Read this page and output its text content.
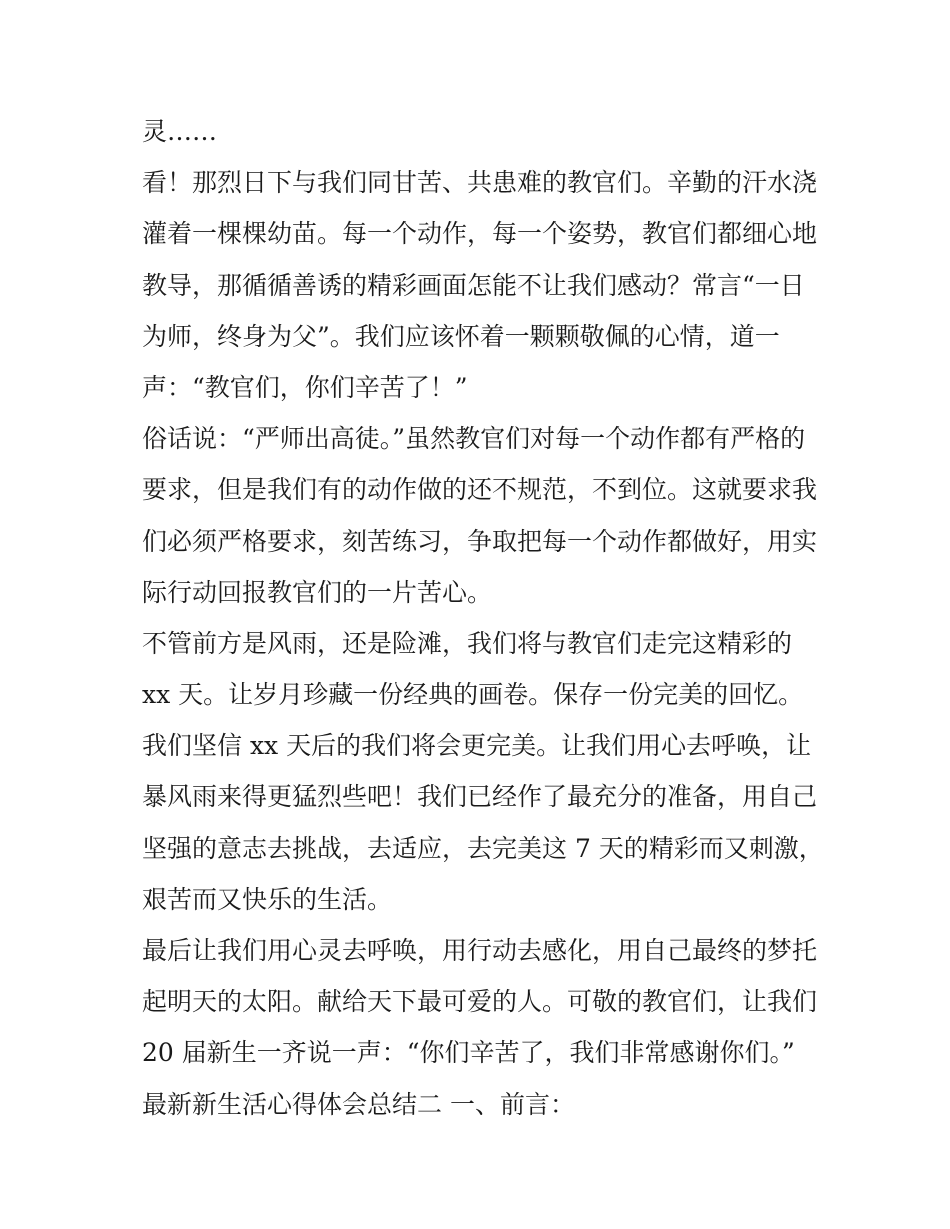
灵……
看！那烈日下与我们同甘苦、共患难的教官们。辛勤的汗水浇
灌着一棵棵幼苗。每一个动作，每一个姿势，教官们都细心地
教导，那循循善诱的精彩画面怎能不让我们感动？常言“一日
为师，终身为父”。我们应该怀着一颗颗敬佩的心情，道一
声：“教官们，你们辛苦了！”
俗话说：“严师出高徒。”虽然教官们对每一个动作都有严格的
要求，但是我们有的动作做的还不规范，不到位。这就要求我
们必须严格要求，刻苦练习，争取把每一个动作都做好，用实
际行动回报教官们的一片苦心。
不管前方是风雨，还是险滩，我们将与教官们走完这精彩的
xx 天。让岁月珍藏一份经典的画卷。保存一份完美的回忆。
我们坚信 xx 天后的我们将会更完美。让我们用心去呼唤，让
暴风雨来得更猛烈些吧！我们已经作了最充分的准备，用自己
坚强的意志去挑战，去适应，去完美这 7 天的精彩而又刺激，
艰苦而又快乐的生活。
最后让我们用心灵去呼唤，用行动去感化，用自己最终的梦托
起明天的太阳。献给天下最可爱的人。可敬的教官们，让我们
20 届新生一齐说一声：“你们辛苦了，我们非常感谢你们。”
最新新生活心得体会总结二 一、前言：
